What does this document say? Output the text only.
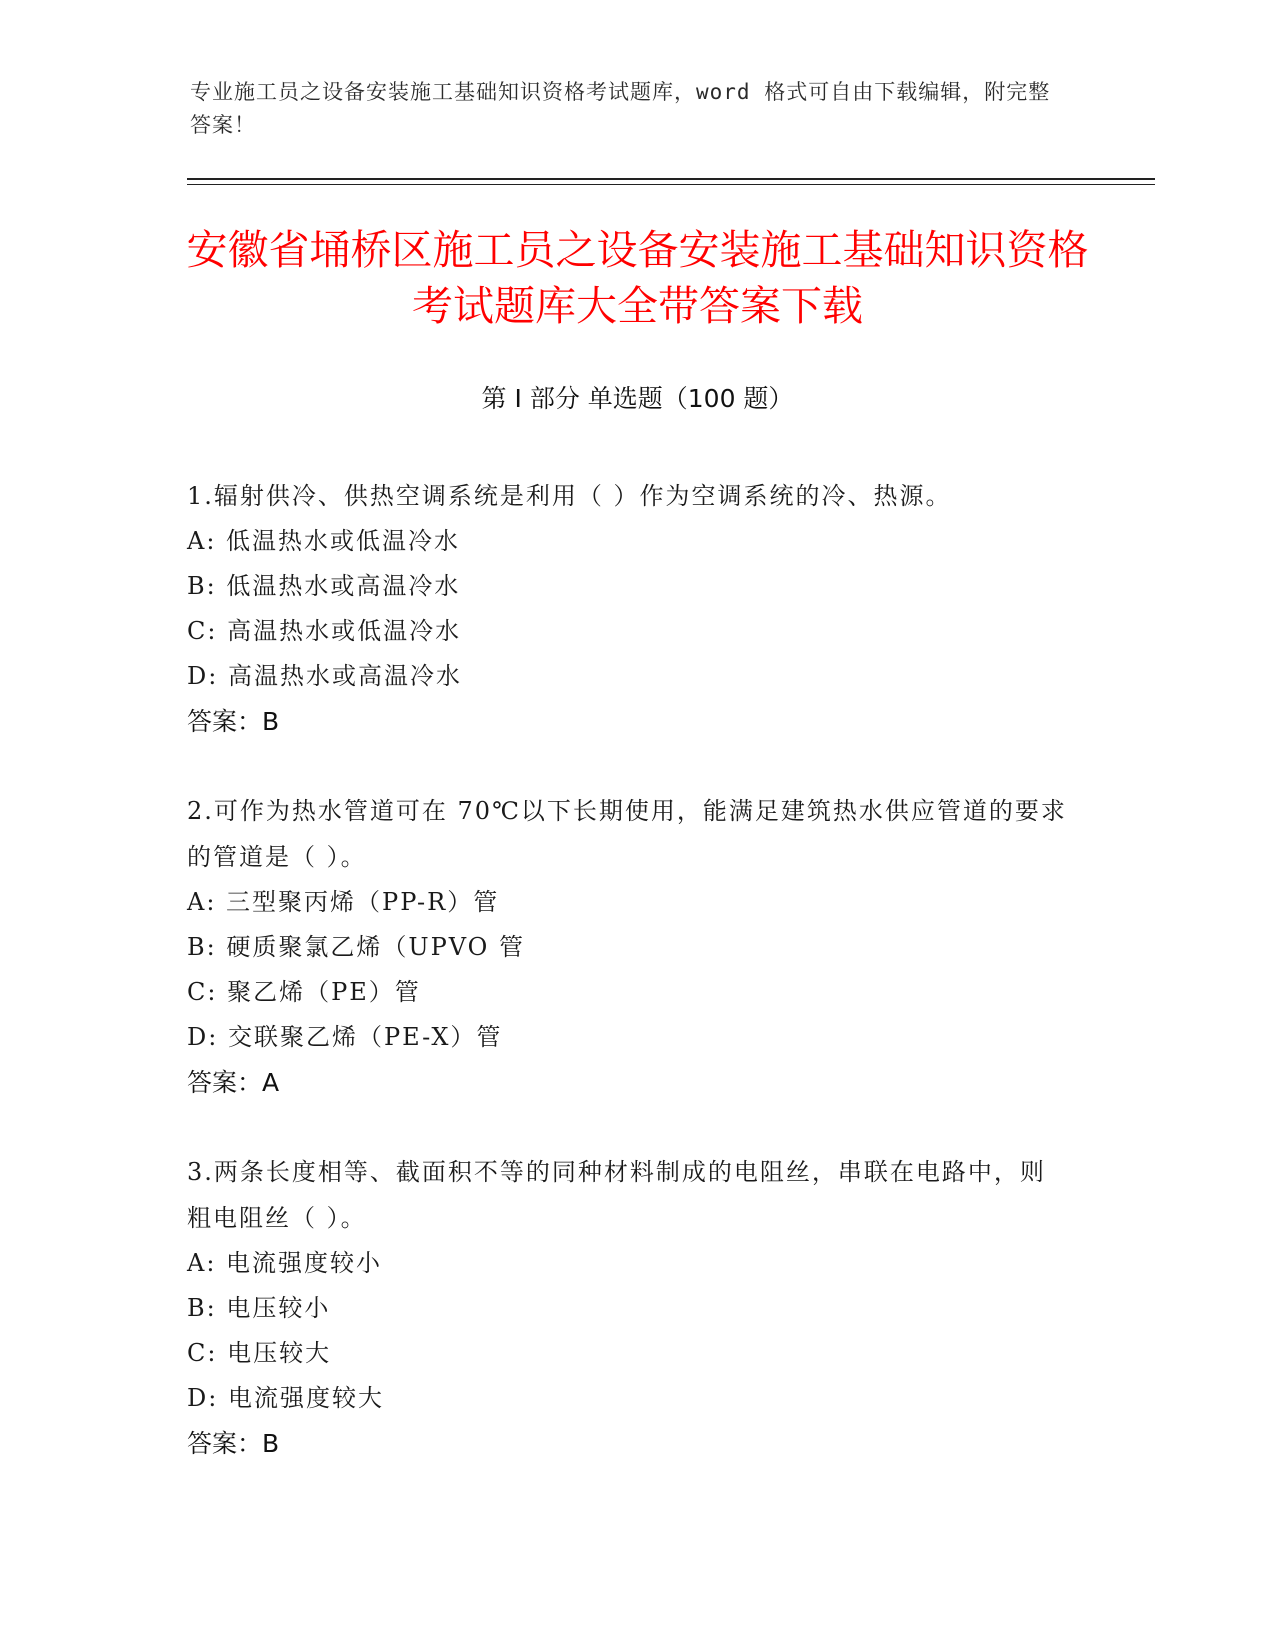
专业施工员之设备安装施工基础知识资格考试题库，word 格式可自由下载编辑，附完整答案！
安徽省埇桥区施工员之设备安装施工基础知识资格考试题库大全带答案下载
第 I 部分 单选题（100 题）
1.辐射供冷、供热空调系统是利用（ ）作为空调系统的冷、热源。
A: 低温热水或低温冷水
B: 低温热水或高温冷水
C: 高温热水或低温冷水
D: 高温热水或高温冷水
答案：B
2.可作为热水管道可在 70℃以下长期使用，能满足建筑热水供应管道的要求的管道是（ ）。
A: 三型聚丙烯（PP-R）管
B: 硬质聚氯乙烯（UPVO 管
C: 聚乙烯（PE）管
D: 交联聚乙烯（PE-X）管
答案：A
3.两条长度相等、截面积不等的同种材料制成的电阻丝，串联在电路中，则粗电阻丝（ ）。
A: 电流强度较小
B: 电压较小
C: 电压较大
D: 电流强度较大
答案：B
